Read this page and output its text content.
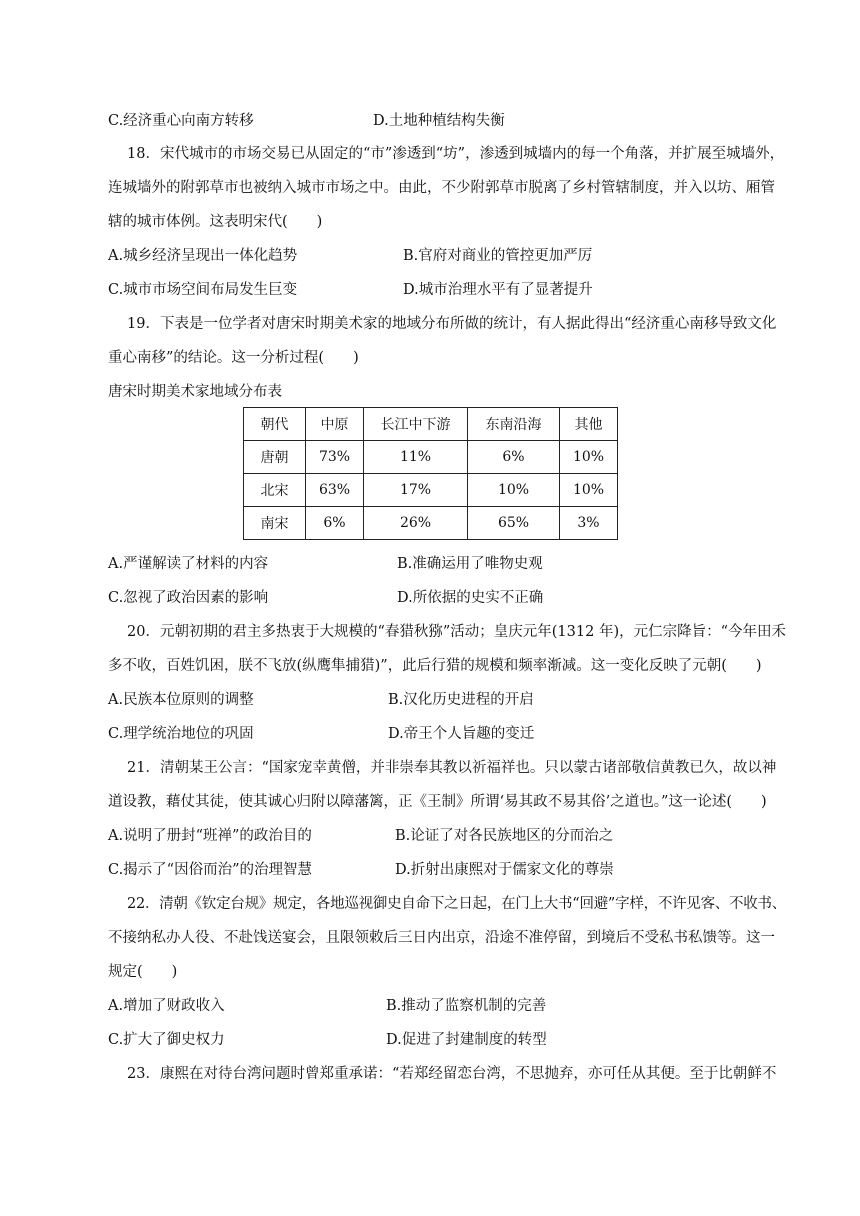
C.经济重心向南方转移	D.土地种植结构失衡
18．宋代城市的市场交易已从固定的“市”渗透到“坊”，渗透到城墙内的每一个角落，并扩展至城墙外，
连城墙外的附郭草市也被纳入城市市场之中。由此，不少附郭草市脱离了乡村管辖制度，并入以坊、厢管
辖的城市体例。这表明宋代(　　)
A.城乡经济呈现出一体化趋势	B.官府对商业的管控更加严厉
C.城市市场空间布局发生巨变	D.城市治理水平有了显著提升
19．下表是一位学者对唐宋时期美术家的地域分布所做的统计，有人据此得出“经济重心南移导致文化
重心南移”的结论。这一分析过程(　　)
唐宋时期美术家地域分布表
朝代	中原	长江中下游	东南沿海	其他
唐朝	73%	11%	6%	10%
北宋	63%	17%	10%	10%
南宋	6%	26%	65%	3%
A.严谨解读了材料的内容	B.准确运用了唯物史观
C.忽视了政治因素的影响	D.所依据的史实不正确
20．元朝初期的君主多热衷于大规模的“春猎秋猕”活动；皇庆元年(1312 年)，元仁宗降旨：“今年田禾
多不收，百姓饥困，朕不飞放(纵鹰隼捕猎)”，此后行猎的规模和频率渐减。这一变化反映了元朝(　　)
A.民族本位原则的调整	B.汉化历史进程的开启
C.理学统治地位的巩固	D.帝王个人旨趣的变迁
21．清朝某王公言：“国家宠幸黄僧，并非崇奉其教以祈福祥也。只以蒙古诸部敬信黄教已久，故以神
道设教，藉仗其徒，使其诚心归附以障藩篱，正《王制》所谓‘易其政不易其俗’之道也。”这一论述(　　)
A.说明了册封“班禅”的政治目的	B.论证了对各民族地区的分而治之
C.揭示了“因俗而治”的治理智慧	D.折射出康熙对于儒家文化的尊崇
22．清朝《钦定台规》规定，各地巡视御史自命下之日起，在门上大书“回避”字样，不许见客、不收书、
不接纳私办人役、不赴饯送宴会，且限领敕后三日内出京，沿途不准停留，到境后不受私书私馈等。这一
规定(　　)
A.增加了财政收入	B.推动了监察机制的完善
C.扩大了御史权力	D.促进了封建制度的转型
23．康熙在对待台湾问题时曾郑重承诺：“若郑经留恋台湾，不思抛弃，亦可任从其便。至于比朝鲜不
